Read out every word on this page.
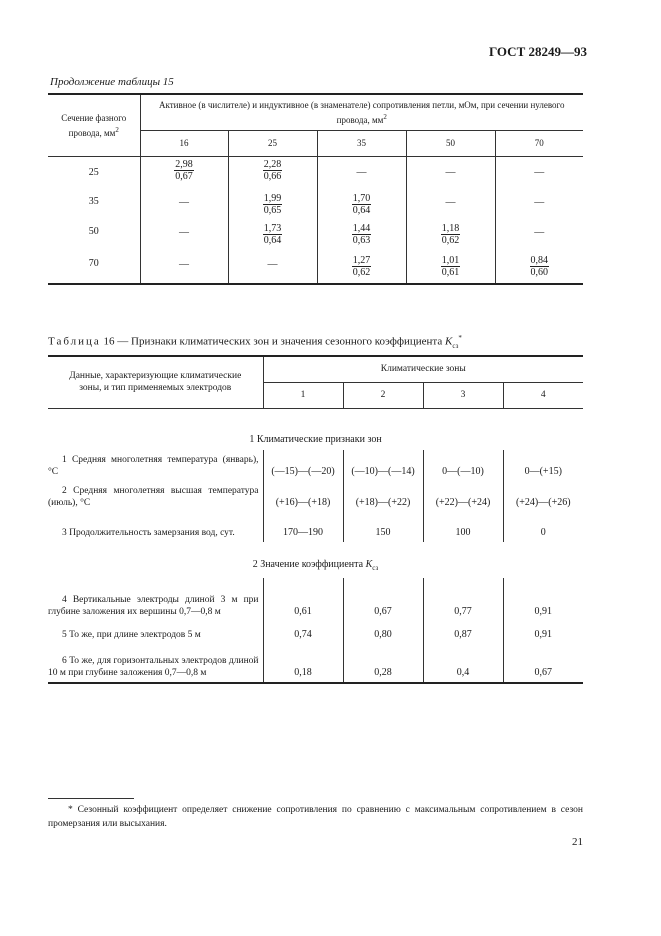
ГОСТ 28249—93
Продолжение таблицы 15
Сечение фазного провода, $мм^2$	Активное (в числителе) и индуктивное (в знаменателе) сопротивления петли, мОм, при сечении нулевого провода, $мм^2$
	16	25	35	50	70
25	$\frac{2,98}{0,67}$	$\frac{2,28}{0,66}$	—	—	—
35	—	$\frac{1,99}{0,65}$	$\frac{1,70}{0,64}$	—	—
50	—	$\frac{1,73}{0,64}$	$\frac{1,44}{0,63}$	$\frac{1,18}{0,62}$	—
70	—	—	$\frac{1,27}{0,62}$	$\frac{1,01}{0,61}$	$\frac{0,84}{0,60}$
Таблица 16 — Признаки климатических зон и значения сезонного коэффициента $K_{сз}^*$
Данные, характеризующие климатические зоны, и тип применяемых электродов	Климатические зоны			
	1	2	3	4
1 Климатические признаки зон				
1 Средняя многолетняя температура (январь), °С	(—15)—(—20)	(—10)—(—14)	0—(—10)	0—(+15)
2 Средняя многолетняя высшая температура (июль), °С	(+16)—(+18)	(+18)—(+22)	(+22)—(+24)	(+24)—(+26)
3 Продолжительность замерзания вод, сут.	170—190	150	100	0
2 Значение коэффициента $K_{сз}$
4 Вертикальные электроды длиной 3 м при глубине заложения их вершины 0,7—0,8 м	0,61	0,67	0,77	0,91
5 То же, при длине электродов 5 м	0,74	0,80	0,87	0,91
6 То же, для горизонтальных электродов длиной 10 м при глубине заложения 0,7—0,8 м	0,18	0,28	0,4	0,67
* Сезонный коэффициент определяет снижение сопротивления по сравнению с максимальным сопротивлением в сезон промерзания или высыхания.
21
